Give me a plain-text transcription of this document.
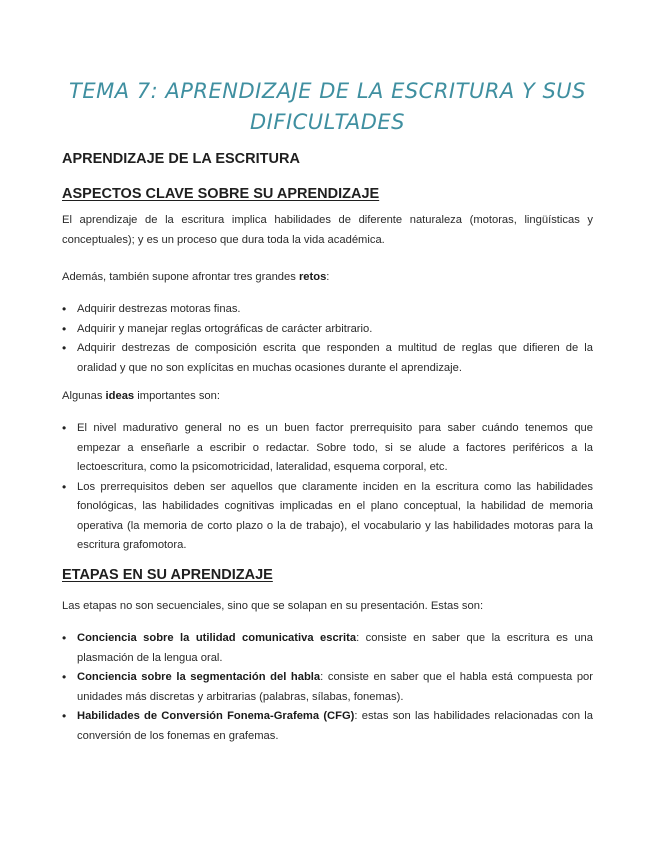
TEMA 7: APRENDIZAJE DE LA ESCRITURA Y SUS DIFICULTADES
APRENDIZAJE DE LA ESCRITURA
ASPECTOS CLAVE SOBRE SU APRENDIZAJE

El aprendizaje de la escritura implica habilidades de diferente naturaleza (motoras, lingüísticas y conceptuales); y es un proceso que dura toda la vida académica.

Además, también supone afrontar tres grandes retos:

• Adquirir destrezas motoras finas.
• Adquirir y manejar reglas ortográficas de carácter arbitrario.
• Adquirir destrezas de composición escrita que responden a multitud de reglas que difieren de la oralidad y que no son explícitas en muchas ocasiones durante el aprendizaje.

Algunas ideas importantes son:

• El nivel madurativo general no es un buen factor prerrequisito para saber cuándo tenemos que empezar a enseñarle a escribir o redactar. Sobre todo, si se alude a factores periféricos a la lectoescritura, como la psicomotricidad, lateralidad, esquema corporal, etc.
• Los prerrequisitos deben ser aquellos que claramente inciden en la escritura como las habilidades fonológicas, las habilidades cognitivas implicadas en el plano conceptual, la habilidad de memoria operativa (la memoria de corto plazo o la de trabajo), el vocabulario y las habilidades motoras para la escritura grafomotora.
ETAPAS EN SU APRENDIZAJE

Las etapas no son secuenciales, sino que se solapan en su presentación. Estas son:

• Conciencia sobre la utilidad comunicativa escrita: consiste en saber que la escritura es una plasmación de la lengua oral.
• Conciencia sobre la segmentación del habla: consiste en saber que el habla está compuesta por unidades más discretas y arbitrarias (palabras, sílabas, fonemas).
• Habilidades de Conversión Fonema-Grafema (CFG): estas son las habilidades relacionadas con la conversión de los fonemas en grafemas.
